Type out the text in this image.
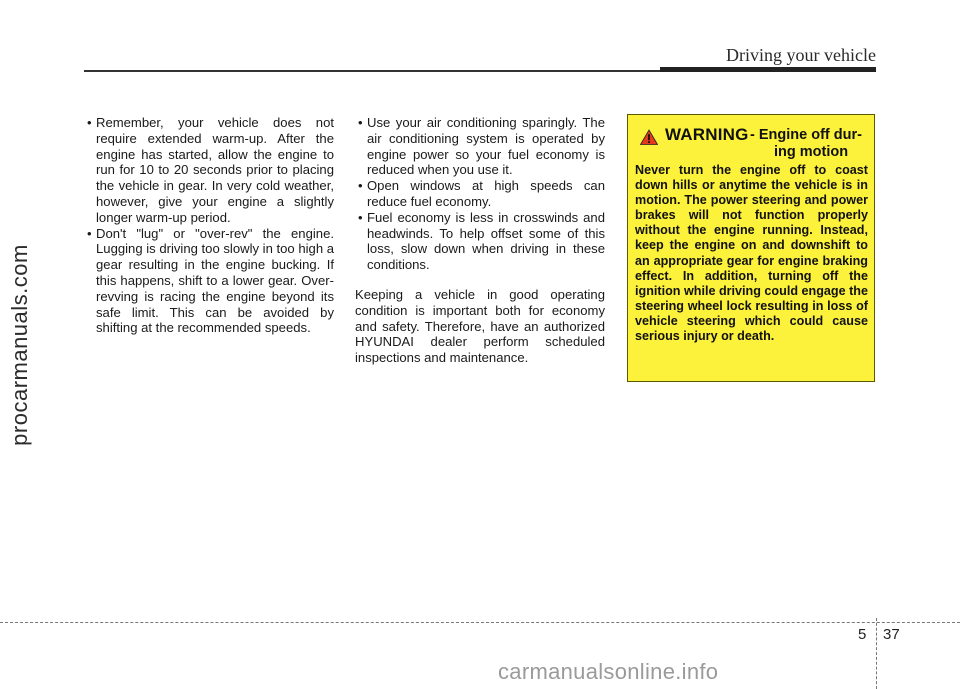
procarmanuals.com
Driving your vehicle
• Remember, your vehicle does not require extended warm-up. After the engine has started, allow the engine to run for 10 to 20 seconds prior to placing the vehicle in gear. In very cold weather, however, give your engine a slightly longer warm-up period.
• Don't "lug" or "over-rev" the engine. Lugging is driving too slowly in too high a gear resulting in the engine bucking. If this happens, shift to a lower gear. Over-revving is racing the engine beyond its safe limit. This can be avoided by shifting at the recommended speeds.
• Use your air conditioning sparingly. The air conditioning system is operated by engine power so your fuel economy is reduced when you use it.
• Open windows at high speeds can reduce fuel economy.
• Fuel economy is less in crosswinds and headwinds. To help offset some of this loss, slow down when driving in these conditions.

Keeping a vehicle in good operating condition is important both for economy and safety. Therefore, have an authorized HYUNDAI dealer perform scheduled inspections and maintenance.

WARNING - Engine off dur-
ing motion
Never turn the engine off to coast down hills or anytime the vehicle is in motion. The power steering and power brakes will not function properly without the engine running. Instead, keep the engine on and downshift to an appropriate gear for engine braking effect. In addition, turning off the ignition while driving could engage the steering wheel lock resulting in loss of vehicle steering which could cause serious injury or death.
5 37
carmanualsonline.info
